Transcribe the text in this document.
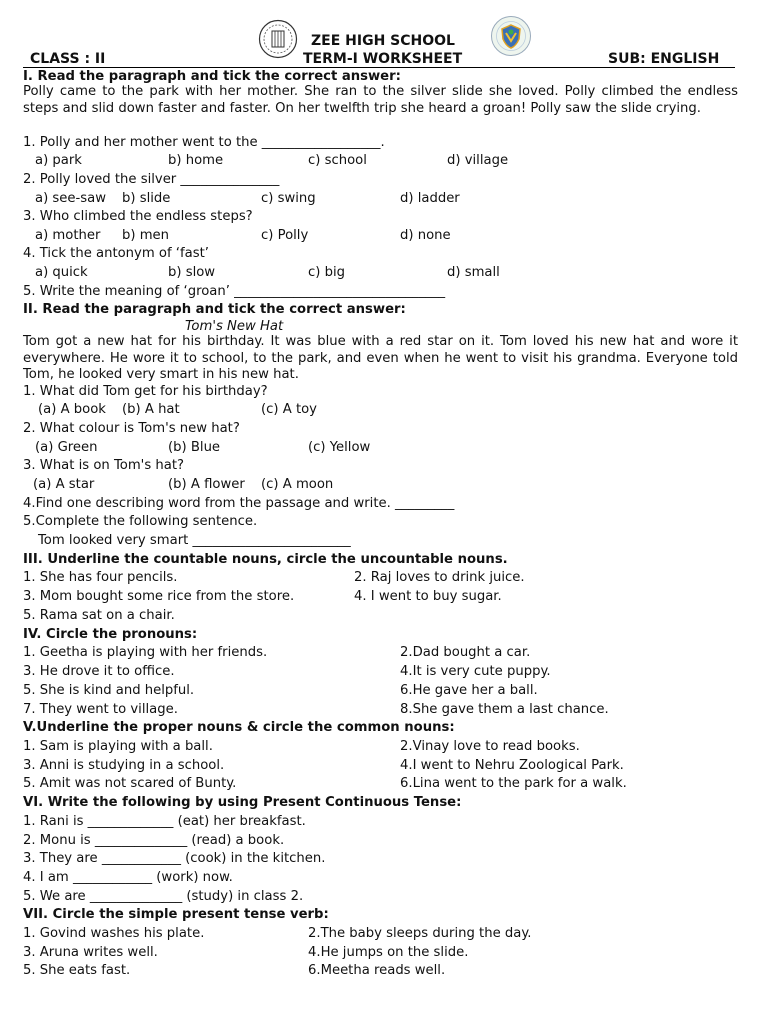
ZEE HIGH SCHOOL
CLASS : II	TERM-I WORKSHEET	SUB: ENGLISH
I. Read the paragraph and tick the correct answer:
Polly came to the park with her mother. She ran to the silver slide she loved. Polly climbed the endless steps and slid down faster and faster. On her twelfth trip she heard a groan! Polly saw the slide crying.
1. Polly and her mother went to the __________________.
a) park	b) home	c) school	d) village
2. Polly loved the silver _______________
a) see-saw b) slide	c) swing	d) ladder
3. Who climbed the endless steps?
a) mother b) men	c) Polly	d) none
4. Tick the antonym of ‘fast’
a) quick	b) slow	c) big	d) small
5. Write the meaning of ‘groan’ ________________________________
II. Read the paragraph and tick the correct answer:
Tom's New Hat
Tom got a new hat for his birthday. It was blue with a red star on it. Tom loved his new hat and wore it everywhere. He wore it to school, to the park, and even when he went to visit his grandma. Everyone told Tom, he looked very smart in his new hat.
1. What did Tom get for his birthday?
(a) A book (b) A hat	(c) A toy
2. What colour is Tom's new hat?
(a) Green	(b) Blue	(c) Yellow
3. What is on Tom's hat?
(a) A star	(b) A flower (c) A moon
4.Find one describing word from the passage and write. _________
5.Complete the following sentence.
Tom looked very smart ________________________
III. Underline the countable nouns, circle the uncountable nouns.
1. She has four pencils.	2. Raj loves to drink juice.
3. Mom bought some rice from the store.	4. I went to buy sugar.
5. Rama sat on a chair.
IV. Circle the pronouns:
1. Geetha is playing with her friends.	2.Dad bought a car.
3. He drove it to office.	4.It is very cute puppy.
5. She is kind and helpful.	6.He gave her a ball.
7. They went to village.	8.She gave them a last chance.
V.Underline the proper nouns & circle the common nouns:
1. Sam is playing with a ball.	2.Vinay love to read books.
3. Anni is studying in a school.	4.I went to Nehru Zoological Park.
5. Amit was not scared of Bunty.	6.Lina went to the park for a walk.
VI. Write the following by using Present Continuous Tense:
1. Rani is _____________ (eat) her breakfast.
2. Monu is ______________ (read) a book.
3. They are ____________ (cook) in the kitchen.
4. I am ____________ (work) now.
5. We are ______________ (study) in class 2.
VII. Circle the simple present tense verb:
1. Govind washes his plate.	2.The baby sleeps during the day.
3. Aruna writes well.	4.He jumps on the slide.
5. She eats fast.	6.Meetha reads well.
